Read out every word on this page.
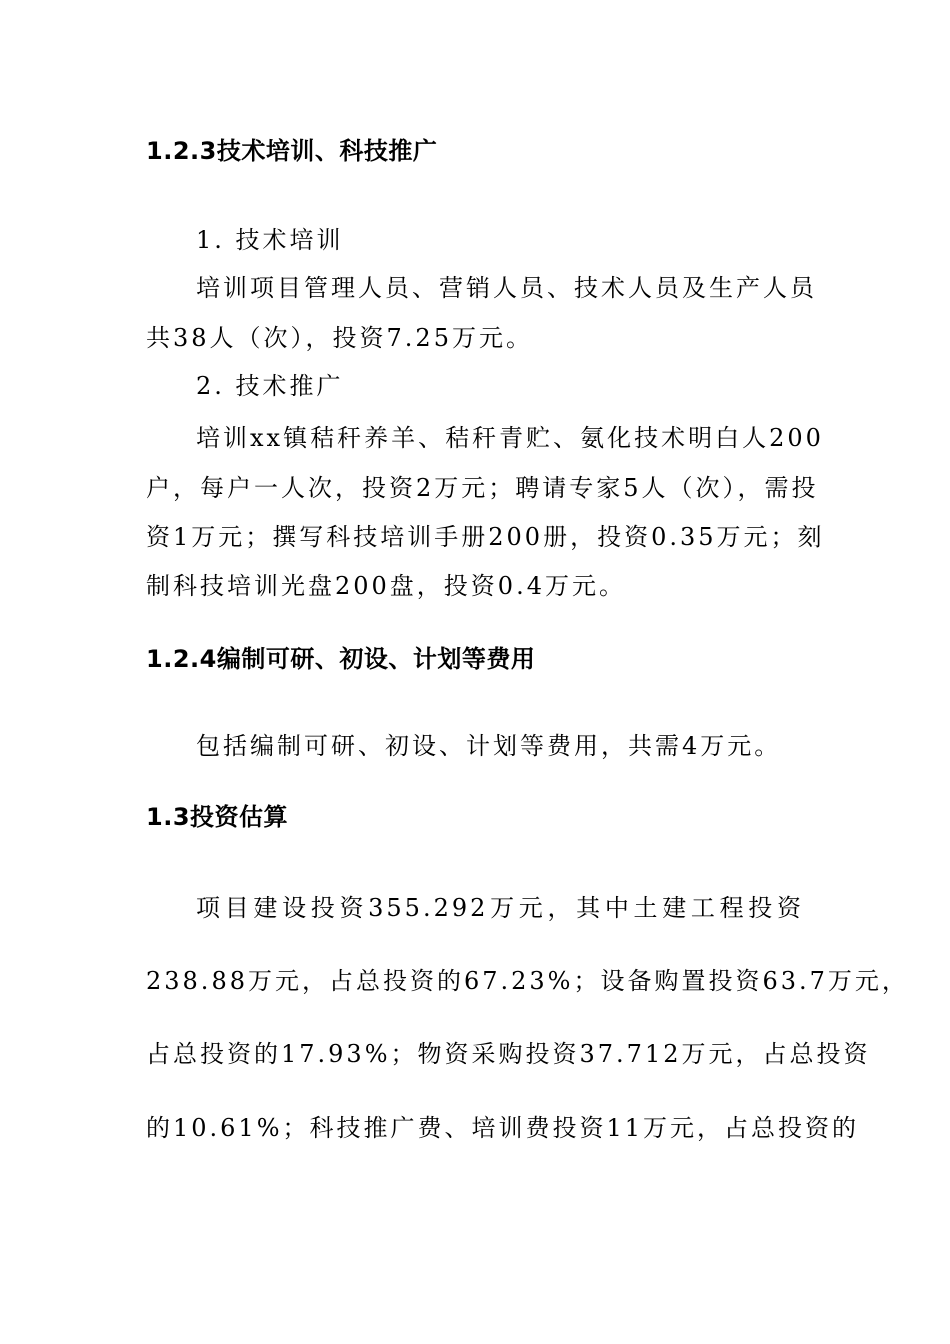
1.2.3技术培训、科技推广
1. 技术培训
培训项目管理人员、营销人员、技术人员及生产人员
共38人（次），投资7.25万元。
2. 技术推广
培训xx镇秸秆养羊、秸秆青贮、氨化技术明白人200
户，每户一人次，投资2万元；聘请专家5人（次），需投
资1万元；撰写科技培训手册200册，投资0.35万元；刻
制科技培训光盘200盘，投资0.4万元。
1.2.4编制可研、初设、计划等费用
包括编制可研、初设、计划等费用，共需4万元。
1.3投资估算
项目建设投资355.292万元，其中土建工程投资
238.88万元，占总投资的67.23%；设备购置投资63.7万元，
占总投资的17.93%；物资采购投资37.712万元，占总投资
的10.61%；科技推广费、培训费投资11万元，占总投资的
